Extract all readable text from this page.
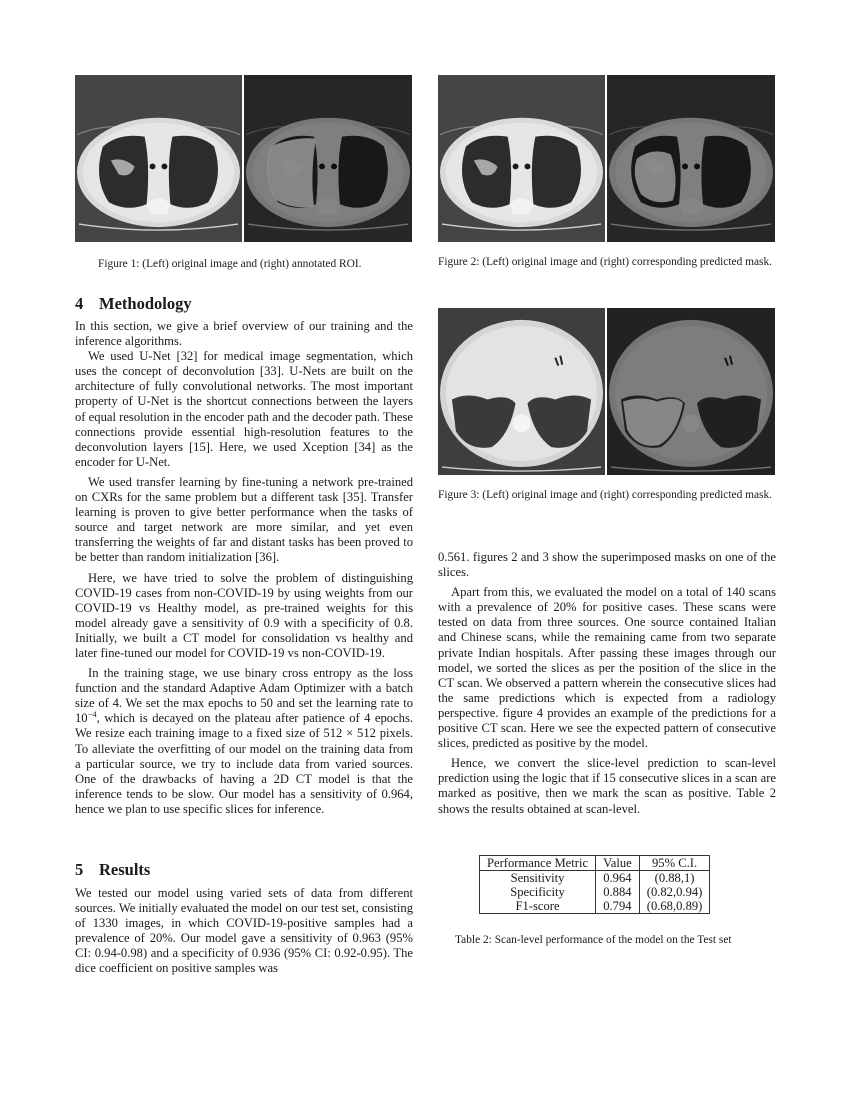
Figure 1: (Left) original image and (right) annotated ROI.	Figure 2: (Left) original image and (right) corresponding predicted mask.
Figure 3: (Left) original image and (right) corresponding predicted mask.
4 Methodology

In this section, we give a brief overview of our training and the inference algorithms.

We used U-Net [32] for medical image segmentation, which uses the concept of deconvolution [33]. U-Nets are built on the architecture of fully convolutional networks. The most important property of U-Net is the shortcut connections between the layers of equal resolution in the encoder path and the decoder path. These connections provide essential high-resolution features to the deconvolution layers [15]. Here, we used Xception [34] as the encoder for U-Net.

We used transfer learning by fine-tuning a network pre-trained on CXRs for the same problem but a different task [35]. Transfer learning is proven to give better performance when the tasks of source and target network are more similar, and yet even transferring the weights of far and distant tasks has been proved to be better than random initialization [36].

Here, we have tried to solve the problem of distinguishing COVID-19 cases from non-COVID-19 by using weights from our COVID-19 vs Healthy model, as pre-trained weights for this model already gave a sensitivity of 0.9 with a specificity of 0.8. Initially, we built a CT model for consolidation vs healthy and later fine-tuned our model for COVID-19 vs non-COVID-19.

In the training stage, we use binary cross entropy as the loss function and the standard Adaptive Adam Optimizer with a batch size of 4. We set the max epochs to 50 and set the learning rate to $10^{-4}$, which is decayed on the plateau after patience of 4 epochs. We resize each training image to a fixed size of 512 × 512 pixels. To alleviate the overfitting of our model on the training data from a particular source, we try to include data from varied sources. One of the drawbacks of having a 2D CT model is that the inference tends to be slow. Our model has a sensitivity of 0.964, hence we plan to use specific slices for inference.

5 Results

We tested our model using varied sets of data from different sources. We initially evaluated the model on our test set, consisting of 1330 images, in which COVID-19-positive samples had a prevalence of 20%. Our model gave a sensitivity of 0.963 (95% CI: 0.94-0.98) and a specificity of 0.936 (95% CI: 0.92-0.95). The dice coefficient on positive samples was

0.561. figures 2 and 3 show the superimposed masks on one of the slices.

Apart from this, we evaluated the model on a total of 140 scans with a prevalence of 20% for positive cases. These scans were tested on data from three sources. One source contained Italian and Chinese scans, while the remaining came from two separate private Indian hospitals. After passing these images through our model, we sorted the slices as per the position of the slice in the CT scan. We observed a pattern wherein the consecutive slices had the same predictions which is expected from a radiology perspective. figure 4 provides an example of the predictions for a positive CT scan. Here we see the expected pattern of consecutive slices, predicted as positive by the model.

Hence, we convert the slice-level prediction to scan-level prediction using the logic that if 15 consecutive slices in a scan are marked as positive, then we mark the scan as positive. Table 2 shows the results obtained at scan-level.

Performance Metric	Value	95% C.I.
Sensitivity	0.964	(0.88,1)
Specificity	0.884	(0.82,0.94)
F1-score	0.794	(0.68,0.89)
Table 2: Scan-level performance of the model on the Test set
